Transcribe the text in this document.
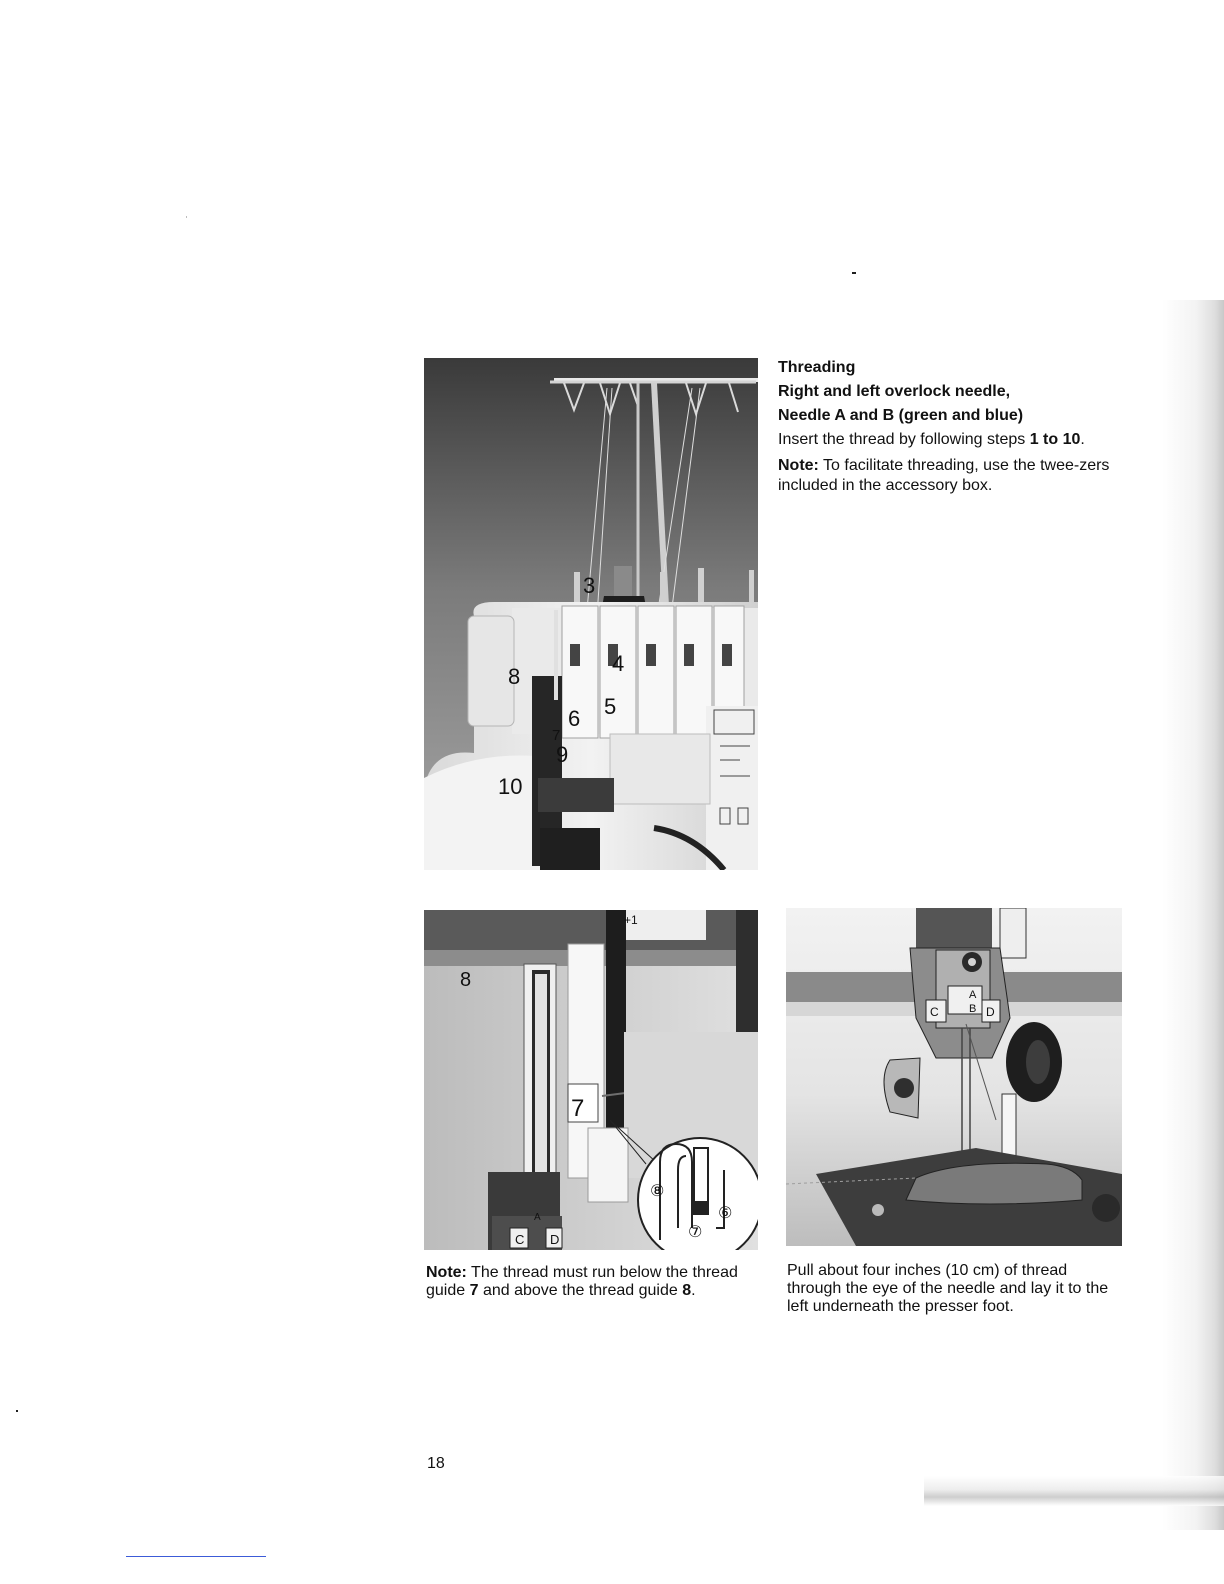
3
4
5
6
7
8
9
10
8
7
+1
⑧
⑦
⑥
C D
A
A
B
C	D

Threading

Right and left overlock needle,

Needle A and B (green and blue)

Insert the thread by following steps 1 to 10.

Note: To facilitate threading, use the twee-zers included in the accessory box.

Note: The thread must run below the thread guide 7 and above the thread guide 8.
Pull about four inches (10 cm) of thread through the eye of the needle and lay it to the left underneath the presser foot.
18
